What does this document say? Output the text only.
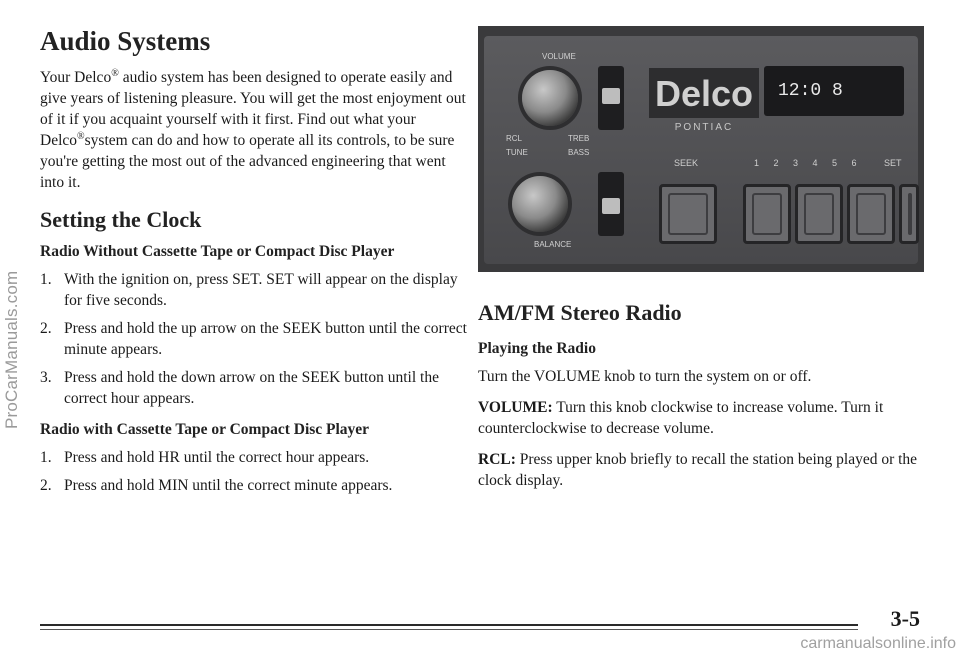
ProCarManuals.com
carmanualsonline.info
Audio Systems

Your Delco® audio system has been designed to operate easily and give years of listening pleasure. You will get the most enjoyment out of it if you acquaint yourself with it first. Find out what your Delco®system can do and how to operate all its controls, to be sure you're getting the most out of the advanced engineering that went into it.

Setting the Clock
Radio Without Cassette Tape or Compact Disc Player
1. With the ignition on, press SET. SET will appear on the display for five seconds.
2. Press and hold the up arrow on the SEEK button until the correct minute appears.
3. Press and hold the down arrow on the SEEK button until the correct hour appears.
Radio with Cassette Tape or Compact Disc Player
1. Press and hold HR until the correct hour appears.
2. Press and hold MIN until the correct minute appears.
VOLUME
RCL
TUNE
TREB
BASS
BALANCE
Delco
PONTIAC
12:0 8
SEEK	1 2 3 4 5 6 SET
AM/FM Stereo Radio
Playing the Radio

Turn the VOLUME knob to turn the system on or off.

VOLUME: Turn this knob clockwise to increase volume. Turn it counterclockwise to decrease volume.

RCL: Press upper knob briefly to recall the station being played or the clock display.

3-5
